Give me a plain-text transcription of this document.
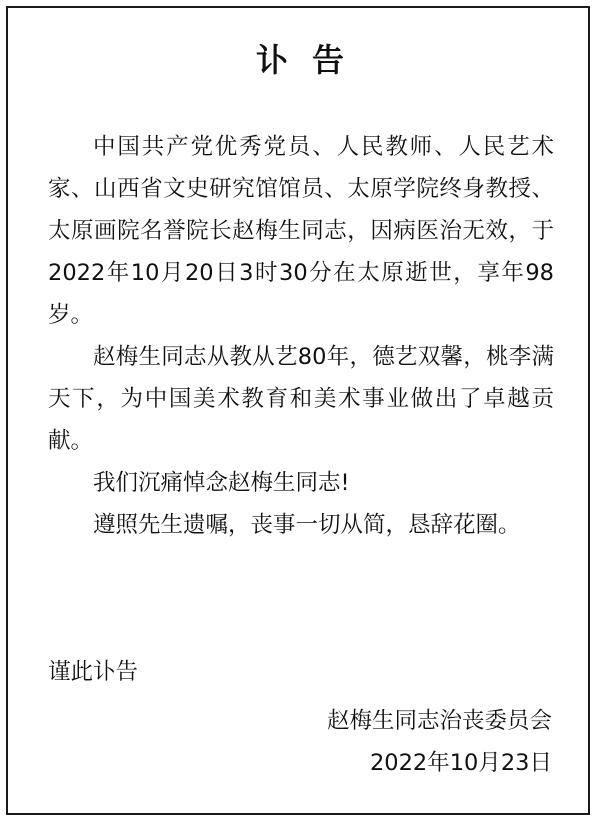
讣告

中国共产党优秀党员、人民教师、人民艺术家、山西省文史研究馆馆员、太原学院终身教授、太原画院名誉院长赵梅生同志，因病医治无效，于2022年10月20日3时30分在太原逝世，享年98岁。

赵梅生同志从教从艺80年，德艺双馨，桃李满天下，为中国美术教育和美术事业做出了卓越贡献。

我们沉痛悼念赵梅生同志!

遵照先生遗嘱，丧事一切从简，恳辞花圈。

谨此讣告
赵梅生同志治丧委员会
2022年10月23日
